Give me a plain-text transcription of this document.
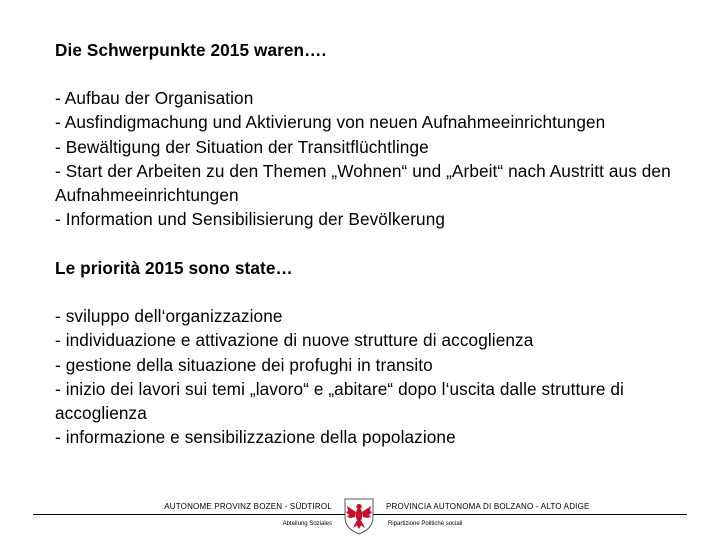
Die Schwerpunkte 2015 waren….

- Aufbau der Organisation
- Ausfindigmachung und Aktivierung von neuen Aufnahmeeinrichtungen
- Bewältigung der Situation der Transitflüchtlinge
- Start der Arbeiten zu den Themen „Wohnen“ und „Arbeit“ nach Austritt aus den Aufnahmeeinrichtungen
- Information und Sensibilisierung der Bevölkerung

Le priorità 2015 sono state…

- sviluppo dell‘organizzazione
- individuazione e attivazione di nuove strutture di accoglienza
- gestione della situazione dei profughi in transito
- inizio dei lavori sui temi „lavoro“ e „abitare“ dopo l‘uscita dalle strutture di accoglienza
- informazione e sensibilizzazione della popolazione
AUTONOME PROVINZ BOZEN - SÜDTIROL	PROVINCIA AUTONOMA DI BOLZANO - ALTO ADIGE
Abteilung Soziales	Ripartizione Politiche sociali
